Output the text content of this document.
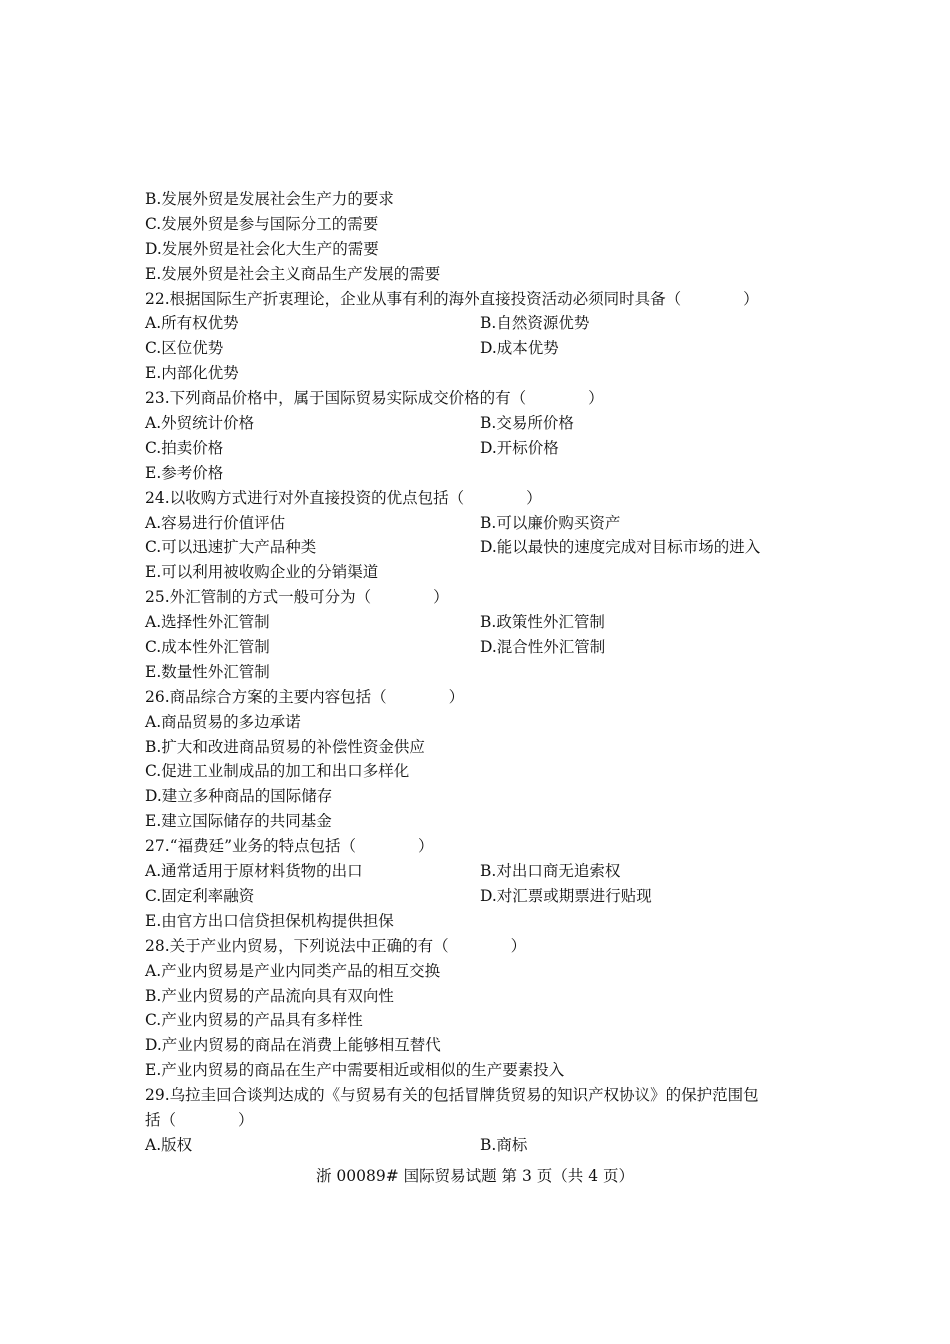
B.发展外贸是发展社会生产力的要求
C.发展外贸是参与国际分工的需要
D.发展外贸是社会化大生产的需要
E.发展外贸是社会主义商品生产发展的需要
22.根据国际生产折衷理论，企业从事有利的海外直接投资活动必须同时具备（　　　　）
A.所有权优势	B.自然资源优势
C.区位优势	D.成本优势
E.内部化优势
23.下列商品价格中，属于国际贸易实际成交价格的有（　　　　）
A.外贸统计价格	B.交易所价格
C.拍卖价格	D.开标价格
E.参考价格
24.以收购方式进行对外直接投资的优点包括（　　　　）
A.容易进行价值评估	B.可以廉价购买资产
C.可以迅速扩大产品种类	D.能以最快的速度完成对目标市场的进入
E.可以利用被收购企业的分销渠道
25.外汇管制的方式一般可分为（　　　　）
A.选择性外汇管制	B.政策性外汇管制
C.成本性外汇管制	D.混合性外汇管制
E.数量性外汇管制
26.商品综合方案的主要内容包括（　　　　）
A.商品贸易的多边承诺
B.扩大和改进商品贸易的补偿性资金供应
C.促进工业制成品的加工和出口多样化
D.建立多种商品的国际储存
E.建立国际储存的共同基金
27.“福费廷”业务的特点包括（　　　　）
A.通常适用于原材料货物的出口	B.对出口商无追索权
C.固定利率融资	D.对汇票或期票进行贴现
E.由官方出口信贷担保机构提供担保
28.关于产业内贸易，下列说法中正确的有（　　　　）
A.产业内贸易是产业内同类产品的相互交换
B.产业内贸易的产品流向具有双向性
C.产业内贸易的产品具有多样性
D.产业内贸易的商品在消费上能够相互替代
E.产业内贸易的商品在生产中需要相近或相似的生产要素投入
29.乌拉圭回合谈判达成的《与贸易有关的包括冒牌货贸易的知识产权协议》的保护范围包
括（　　　　）
A.版权	B.商标
浙 00089# 国际贸易试题 第 3 页（共 4 页）
